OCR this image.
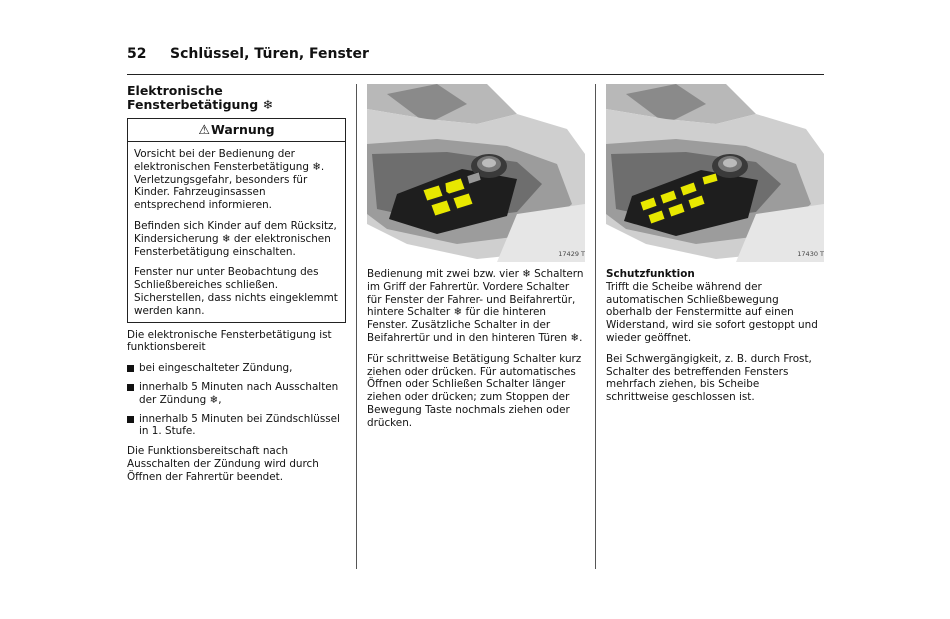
52 Schlüssel, Türen, Fenster
Elektronische
Fensterbetätigung ❄
⚠Warnung

Vorsicht bei der Bedienung der elektronischen Fensterbetätigung ❄. Verletzungsgefahr, besonders für Kinder. Fahrzeuginsassen entsprechend informieren.

Befinden sich Kinder auf dem Rücksitz, Kindersicherung ❄ der elektronischen Fensterbetätigung einschalten.

Fenster nur unter Beobachtung des Schließbereiches schließen. Sicherstellen, dass nichts eingeklemmt werden kann.

Die elektronische Fensterbetätigung ist funktionsbereit

bei eingeschalteter Zündung,
innerhalb 5 Minuten nach Ausschalten der Zündung ❄,
innerhalb 5 Minuten bei Zündschlüssel in 1. Stufe.

Die Funktionsbereitschaft nach Ausschalten der Zündung wird durch Öffnen der Fahrertür beendet.

17429 T

Bedienung mit zwei bzw. vier ❄ Schaltern im Griff der Fahrertür. Vordere Schalter für Fenster der Fahrer- und Beifahrertür, hintere Schalter ❄ für die hinteren Fenster. Zusätzliche Schalter in der Beifahrertür und in den hinteren Türen ❄.

Für schrittweise Betätigung Schalter kurz ziehen oder drücken. Für automatisches Öffnen oder Schließen Schalter länger ziehen oder drücken; zum Stoppen der Bewegung Taste nochmals ziehen oder drücken.

17430 T
Schutzfunktion

Trifft die Scheibe während der automatischen Schließbewegung oberhalb der Fenstermitte auf einen Widerstand, wird sie sofort gestoppt und wieder geöffnet.

Bei Schwergängigkeit, z. B. durch Frost, Schalter des betreffenden Fensters mehrfach ziehen, bis Scheibe schrittweise geschlossen ist.
